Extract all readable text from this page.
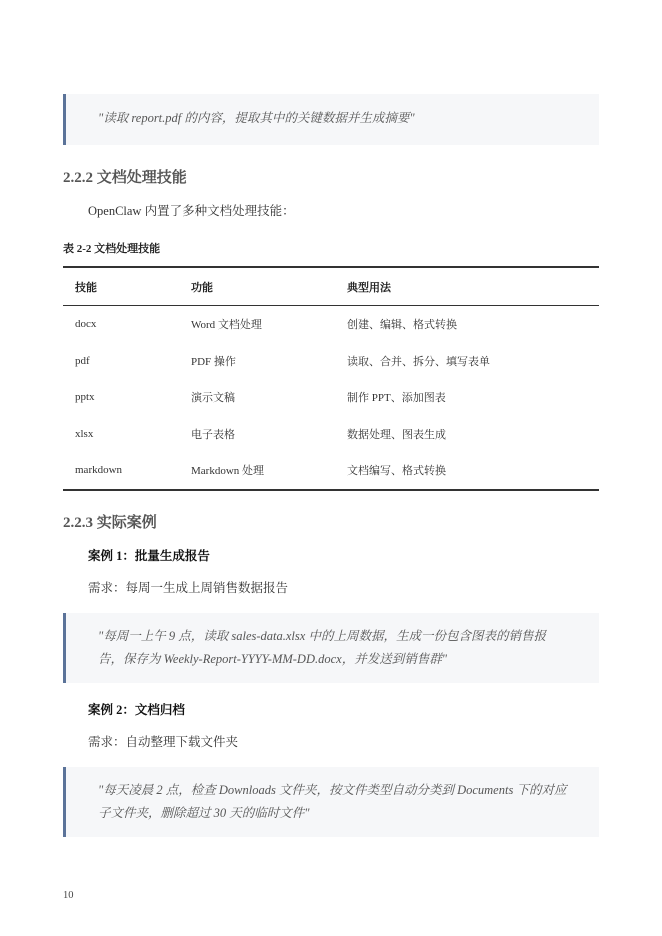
"读取 report.pdf 的内容，提取其中的关键数据并生成摘要"
2.2.2 文档处理技能
OpenClaw 内置了多种文档处理技能：
表 2-2 文档处理技能
技能	功能	典型用法
docx	Word 文档处理	创建、编辑、格式转换
pdf	PDF 操作	读取、合并、拆分、填写表单
pptx	演示文稿	制作 PPT、添加图表
xlsx	电子表格	数据处理、图表生成
markdown	Markdown 处理	文档编写、格式转换
2.2.3 实际案例
案例 1：批量生成报告
需求：每周一生成上周销售数据报告
"每周一上午 9 点，读取 sales-data.xlsx 中的上周数据，生成一份包含图表的销售报
告，保存为 Weekly-Report-YYYY-MM-DD.docx，并发送到销售群"
案例 2：文档归档
需求：自动整理下载文件夹
"每天凌晨 2 点，检查 Downloads 文件夹，按文件类型自动分类到 Documents 下的对应
子文件夹，删除超过 30 天的临时文件"
10
